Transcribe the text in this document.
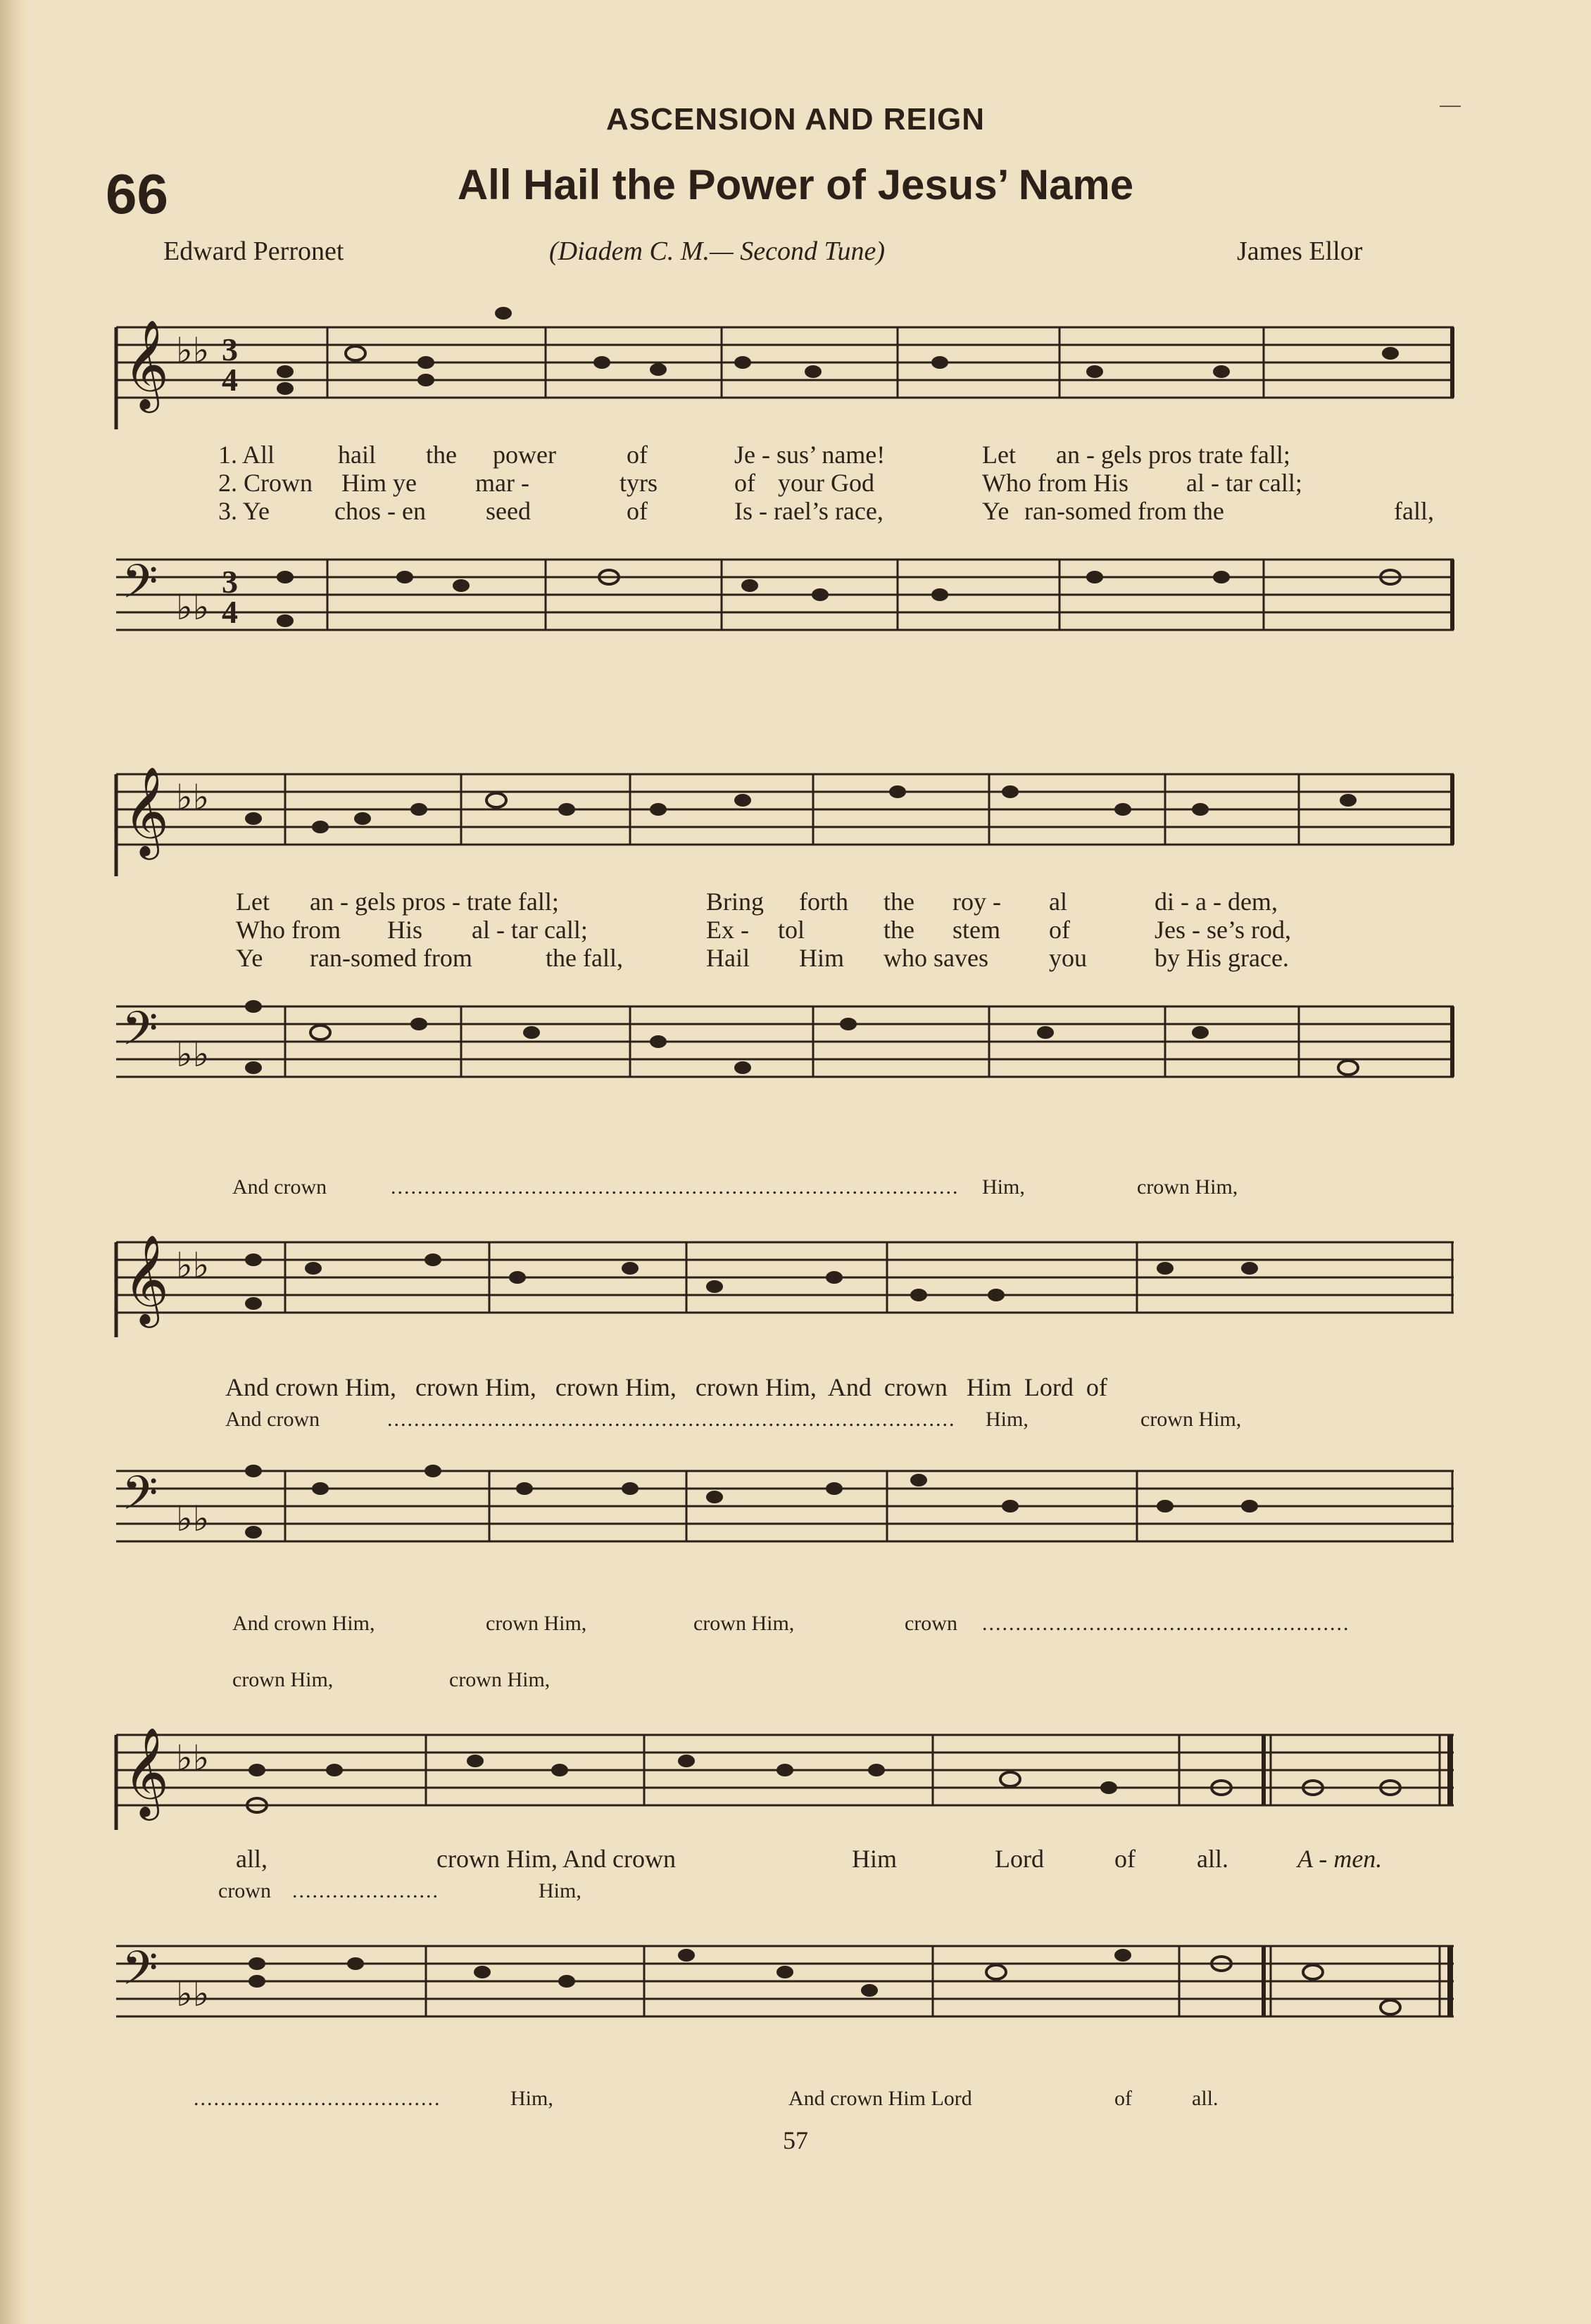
ASCENSION AND REIGN
66	All Hail the Power of Jesus’ Name
Edward Perronet	(Diadem C. M.— Second Tune)	James Ellor
𝄞 ♭♭ 3
4
1. All hail the power	of	Je - sus’ name!	Let an - gels pros trate fall;
2. Crown Him ye mar -	tyrs	of your God	Who from His al - tar call;
3. Ye	chos - en seed	of	Is - rael’s race,	Ye ran-somed from the	fall,
𝄢 ♭♭
3
4
𝄞 ♭♭
Let an - gels pros - trate fall;	Bring forth the roy - al	di - a - dem,
Who from His al - tar call;	Ex - tol	the stem of	Jes - se’s rod,
Ye ran-somed from	the fall,	Hail Him who saves you	by His grace.
𝄢 ♭♭
And crown	..................................................................................... Him,	crown Him,
𝄞 ♭♭
And crown Him,   crown Him,   crown Him,   crown Him,  And  crown   Him  Lord  of
And crown	..................................................................................... Him,	crown Him,
𝄢 ♭♭
And crown Him,	crown Him,	crown Him,	crown .......................................................
crown Him,	crown Him,
𝄞 ♭♭
all,	crown Him, And crown	Him	Lord	of all.	A - men.
crown ......................	Him,
𝄢 ♭♭
.....................................	Him,	And crown Him Lord	of	all.
57
